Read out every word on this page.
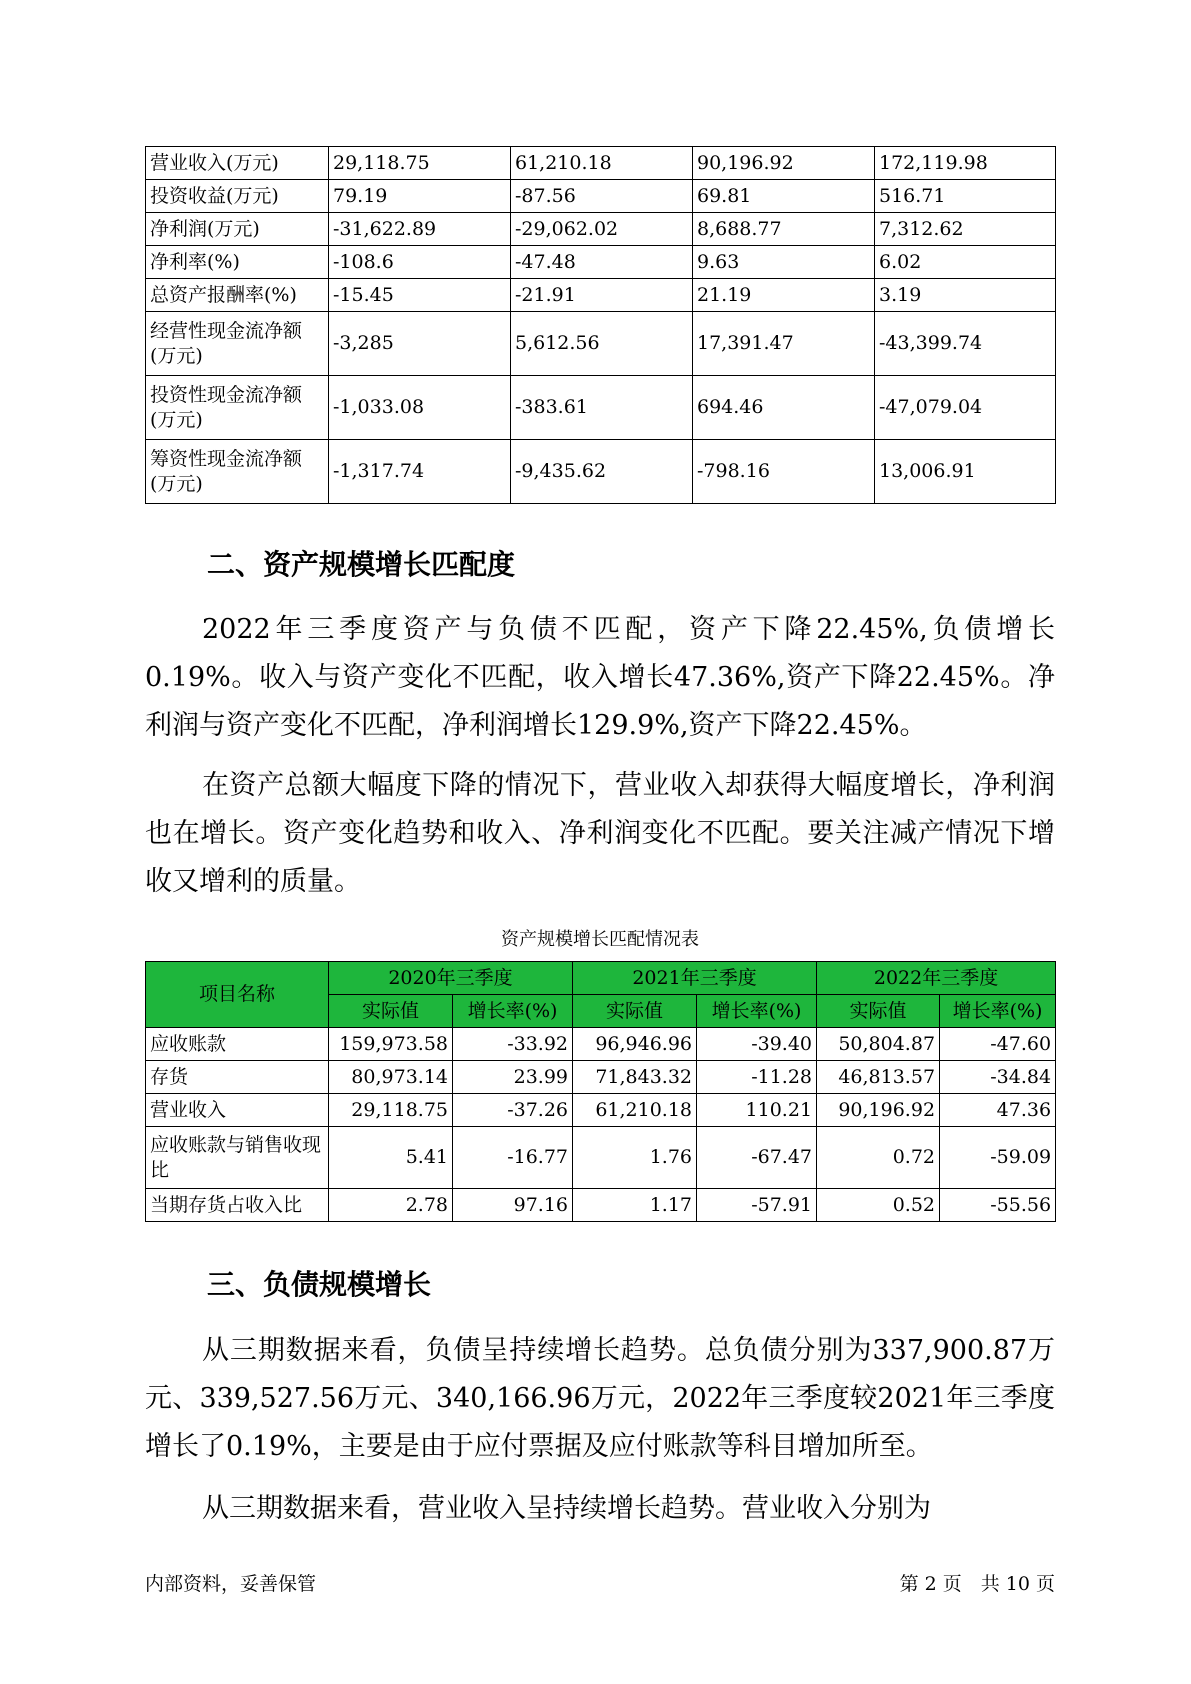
营业收入(万元)	29,118.75	61,210.18	90,196.92	172,119.98
投资收益(万元)	79.19	-87.56	69.81	516.71
净利润(万元)	-31,622.89	-29,062.02	8,688.77	7,312.62
净利率(%)	-108.6	-47.48	9.63	6.02
总资产报酬率(%)	-15.45	-21.91	21.19	3.19
经营性现金流净额(万元)	-3,285	5,612.56	17,391.47	-43,399.74
投资性现金流净额(万元)	-1,033.08	-383.61	694.46	-47,079.04
筹资性现金流净额(万元)	-1,317.74	-9,435.62	-798.16	13,006.91
二、资产规模增长匹配度

2022年三季度资产与负债不匹配，资产下降22.45%,负债增长0.19%。收入与资产变化不匹配，收入增长47.36%,资产下降22.45%。净利润与资产变化不匹配，净利润增长129.9%,资产下降22.45%。

在资产总额大幅度下降的情况下，营业收入却获得大幅度增长，净利润也在增长。资产变化趋势和收入、净利润变化不匹配。要关注减产情况下增收又增利的质量。

资产规模增长匹配情况表

项目名称	2020年三季度		2021年三季度		2022年三季度	
	实际值	增长率(%)	实际值	增长率(%)	实际值	增长率(%)
应收账款	159,973.58	-33.92	96,946.96	-39.40	50,804.87	-47.60
存货	80,973.14	23.99	71,843.32	-11.28	46,813.57	-34.84
营业收入	29,118.75	-37.26	61,210.18	110.21	90,196.92	47.36
应收账款与销售收现比	5.41	-16.77	1.76	-67.47	0.72	-59.09
当期存货占收入比	2.78	97.16	1.17	-57.91	0.52	-55.56
三、负债规模增长

从三期数据来看，负债呈持续增长趋势。总负债分别为337,900.87万元、339,527.56万元、340,166.96万元，2022年三季度较2021年三季度增长了0.19%，主要是由于应付票据及应付账款等科目增加所至。

从三期数据来看，营业收入呈持续增长趋势。营业收入分别为

内部资料，妥善保管	第 2 页　共 10 页
